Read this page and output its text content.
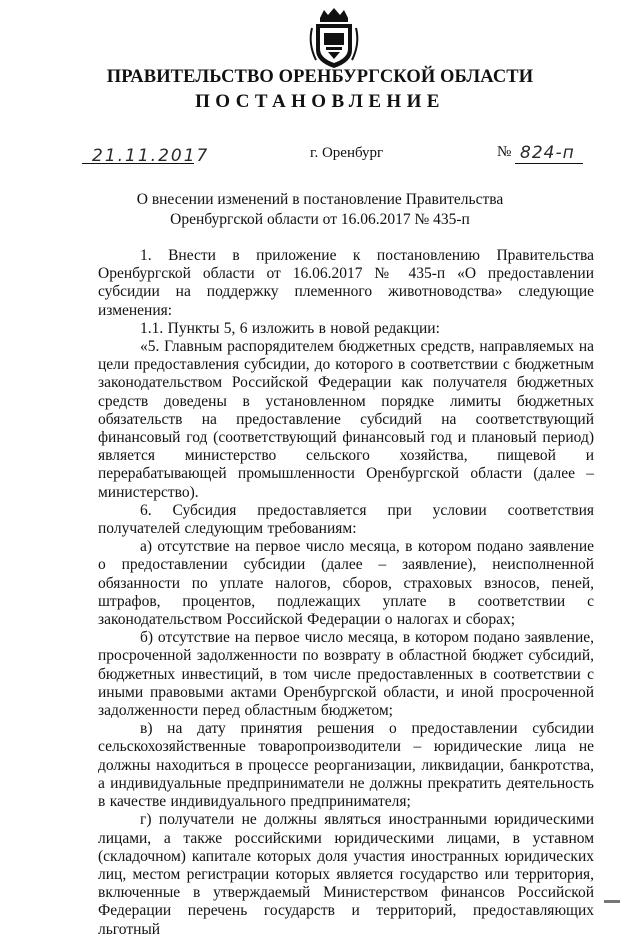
ПРАВИТЕЛЬСТВО ОРЕНБУРГСКОЙ ОБЛАСТИ
ПОСТАНОВЛЕНИЕ
21.11.2017	г. Оренбург	№ 824-п
О внесении изменений в постановление Правительства
Оренбургской области от 16.06.2017 № 435-п

1. Внести в приложение к постановлению Правительства Оренбургской области от 16.06.2017 № 435-п «О предоставлении субсидии на поддержку племенного животноводства» следующие изменения:

1.1. Пункты 5, 6 изложить в новой редакции:

«5. Главным распорядителем бюджетных средств, направляемых на цели предоставления субсидии, до которого в соответствии с бюджетным законодательством Российской Федерации как получателя бюджетных средств доведены в установленном порядке лимиты бюджетных обязательств на предоставление субсидий на соответствующий финансовый год (соответствующий финансовый год и плановый период) является министерство сельского хозяйства, пищевой и перерабатывающей промышленности Оренбургской области (далее – министерство).

6. Субсидия предоставляется при условии соответствия получателей следующим требованиям:

а) отсутствие на первое число месяца, в котором подано заявление о предоставлении субсидии (далее – заявление), неисполненной обязанности по уплате налогов, сборов, страховых взносов, пеней, штрафов, процентов, подлежащих уплате в соответствии с законодательством Российской Федерации о налогах и сборах;

б) отсутствие на первое число месяца, в котором подано заявление, просроченной задолженности по возврату в областной бюджет субсидий, бюджетных инвестиций, в том числе предоставленных в соответствии с иными правовыми актами Оренбургской области, и иной просроченной задолженности перед областным бюджетом;

в) на дату принятия решения о предоставлении субсидии сельскохозяйственные товаропроизводители – юридические лица не должны находиться в процессе реорганизации, ликвидации, банкротства, а индивидуальные предприниматели не должны прекратить деятельность в качестве индивидуального предпринимателя;

г) получатели не должны являться иностранными юридическими лицами, а также российскими юридическими лицами, в уставном (складочном) капитале которых доля участия иностранных юридических лиц, местом регистрации которых является государство или территория, включенные в утверждаемый Министерством финансов Российской Федерации перечень государств и территорий, предоставляющих льготный
